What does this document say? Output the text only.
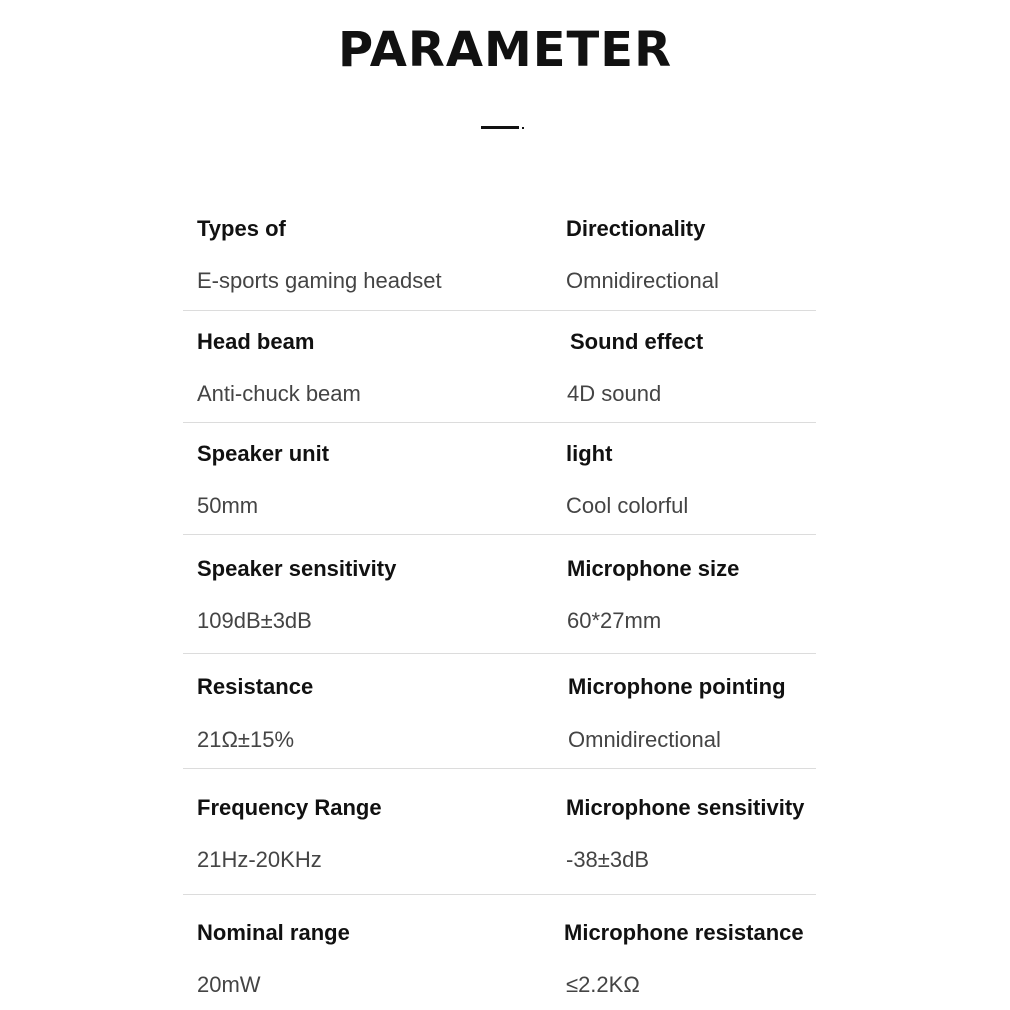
PARAMETER
Types of
E-sports gaming headset
Directionality
Omnidirectional
Head beam
Anti-chuck beam
Sound effect
4D sound
Speaker unit
50mm
light
Cool colorful
Speaker sensitivity
109dB±3dB
Microphone size
60*27mm
Resistance
21Ω±15%
Microphone pointing
Omnidirectional
Frequency Range
21Hz-20KHz
Microphone sensitivity
-38±3dB
Nominal range
20mW
Microphone resistance
≤2.2KΩ
